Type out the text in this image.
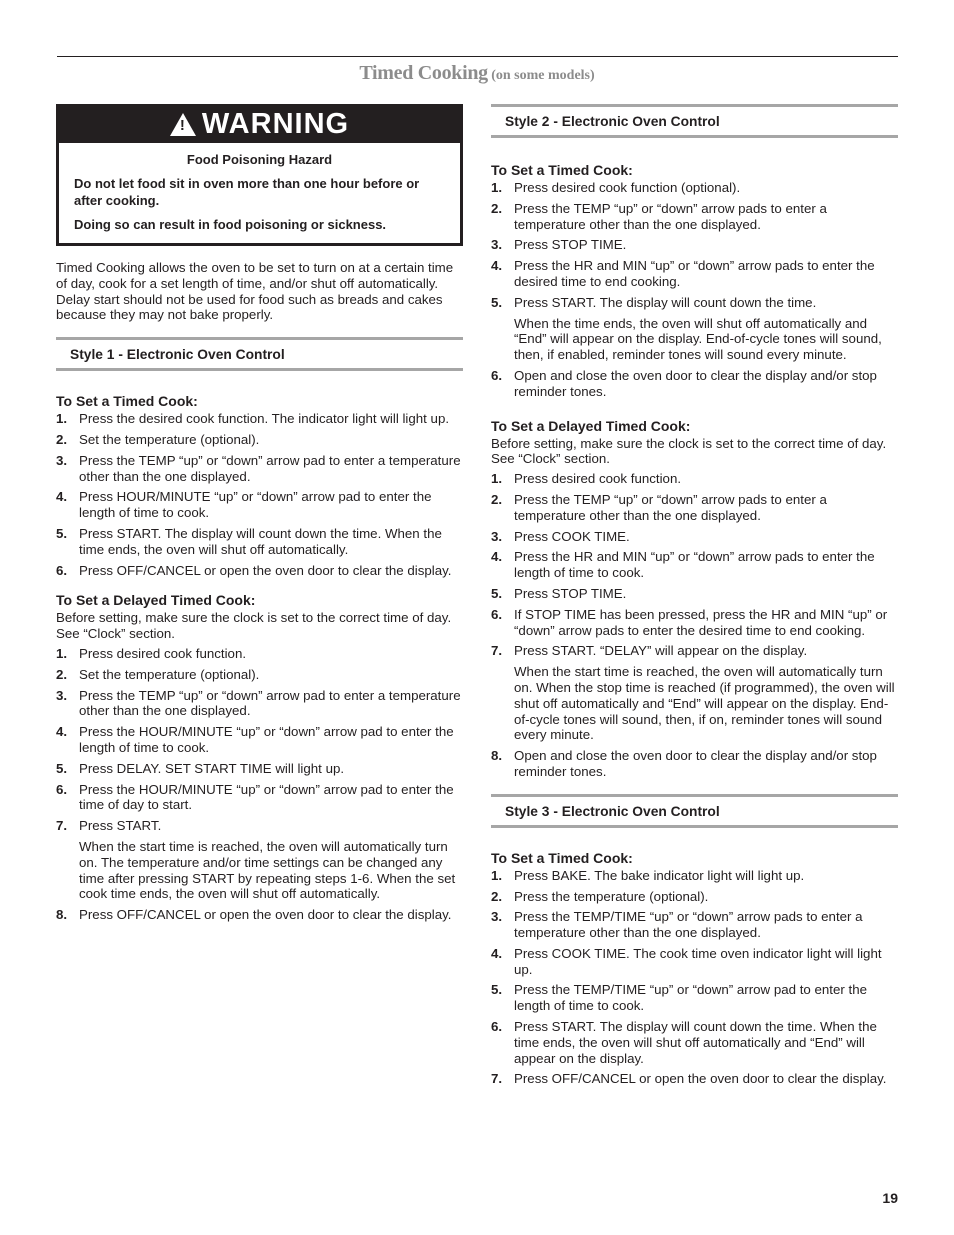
Timed Cooking (on some models)
!
WARNING
Food Poisoning Hazard

Do not let food sit in oven more than one hour before or after cooking.

Doing so can result in food poisoning or sickness.

Timed Cooking allows the oven to be set to turn on at a certain time of day, cook for a set length of time, and/or shut off automatically. Delay start should not be used for food such as breads and cakes because they may not bake properly.

Style 1 - Electronic Oven Control
To Set a Timed Cook:
1. Press the desired cook function. The indicator light will light up.
2. Set the temperature (optional).
3. Press the TEMP “up” or “down” arrow pad to enter a temperature other than the one displayed.
4. Press HOUR/MINUTE “up” or “down” arrow pad to enter the length of time to cook.
5. Press START. The display will count down the time. When the time ends, the oven will shut off automatically.
6. Press OFF/CANCEL or open the oven door to clear the display.
To Set a Delayed Timed Cook:

Before setting, make sure the clock is set to the correct time of day. See “Clock” section.

1. Press desired cook function.
2. Set the temperature (optional).
3. Press the TEMP “up” or “down” arrow pad to enter a temperature other than the one displayed.
4. Press the HOUR/MINUTE “up” or “down” arrow pad to enter the length of time to cook.
5. Press DELAY. SET START TIME will light up.
6. Press the HOUR/MINUTE “up” or “down” arrow pad to enter the time of day to start.
7. Press START.
When the start time is reached, the oven will automatically turn on. The temperature and/or time settings can be changed any time after pressing START by repeating steps 1-6. When the set cook time ends, the oven will shut off automatically.
8. Press OFF/CANCEL or open the oven door to clear the display.
Style 2 - Electronic Oven Control
To Set a Timed Cook:
1. Press desired cook function (optional).
2. Press the TEMP “up” or “down” arrow pads to enter a temperature other than the one displayed.
3. Press STOP TIME.
4. Press the HR and MIN “up” or “down” arrow pads to enter the desired time to end cooking.
5. Press START. The display will count down the time.
When the time ends, the oven will shut off automatically and “End” will appear on the display. End-of-cycle tones will sound, then, if enabled, reminder tones will sound every minute.
6. Open and close the oven door to clear the display and/or stop reminder tones.
To Set a Delayed Timed Cook:

Before setting, make sure the clock is set to the correct time of day. See “Clock” section.

1. Press desired cook function.
2. Press the TEMP “up” or “down” arrow pads to enter a temperature other than the one displayed.
3. Press COOK TIME.
4. Press the HR and MIN “up” or “down” arrow pads to enter the length of time to cook.
5. Press STOP TIME.
6. If STOP TIME has been pressed, press the HR and MIN “up” or “down” arrow pads to enter the desired time to end cooking.
7. Press START. “DELAY” will appear on the display.
When the start time is reached, the oven will automatically turn on. When the stop time is reached (if programmed), the oven will shut off automatically and “End” will appear on the display. End-of-cycle tones will sound, then, if on, reminder tones will sound every minute.
8. Open and close the oven door to clear the display and/or stop reminder tones.
Style 3 - Electronic Oven Control
To Set a Timed Cook:
1. Press BAKE. The bake indicator light will light up.
2. Press the temperature (optional).
3. Press the TEMP/TIME “up” or “down” arrow pads to enter a temperature other than the one displayed.
4. Press COOK TIME. The cook time oven indicator light will light up.
5. Press the TEMP/TIME “up” or “down” arrow pad to enter the length of time to cook.
6. Press START. The display will count down the time. When the time ends, the oven will shut off automatically and “End” will appear on the display.
7. Press OFF/CANCEL or open the oven door to clear the display.
19
